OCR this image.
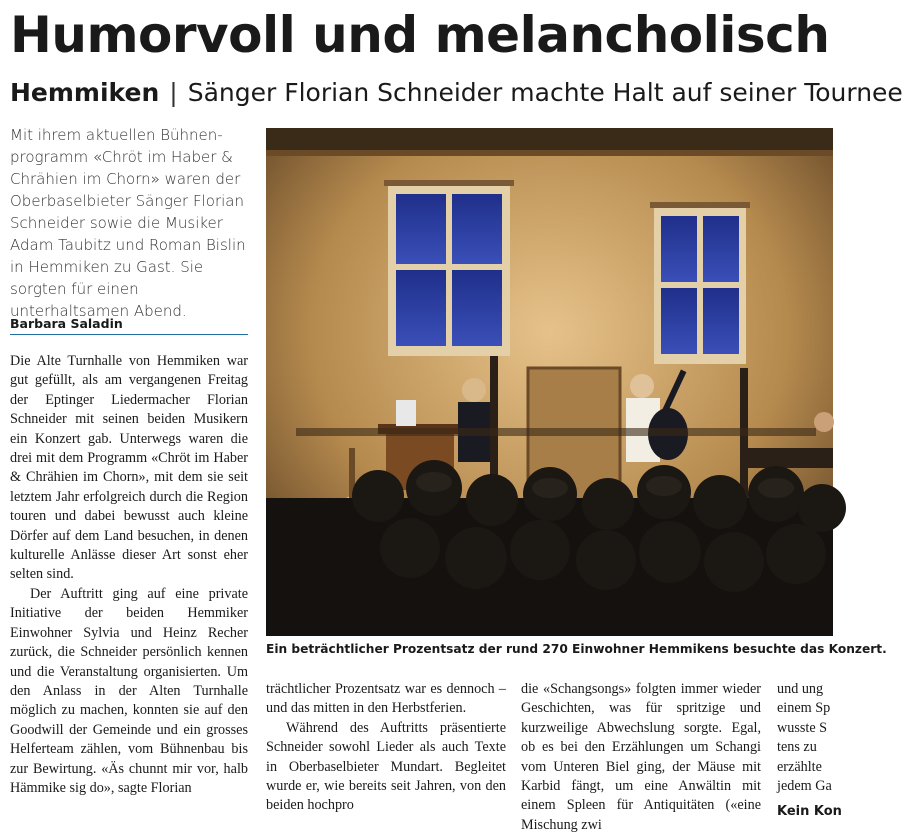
Humorvoll und melancholisch
Hemmiken | Sänger Florian Schneider machte Halt auf seiner Tournee
Mit ihrem aktuellen Bühnenprogramm «Chröt im Haber & Chrähien im Chorn» waren der Oberbaselbieter Sänger Florian Schneider sowie die Musiker Adam Taubitz und Roman Bislin in Hemmiken zu Gast. Sie sorgten für einen unterhaltsamen Abend.
Barbara Saladin

Die Alte Turnhalle von Hemmiken war gut gefüllt, als am vergangenen Freitag der Eptinger Liedermacher Florian Schneider mit seinen beiden Musikern ein Konzert gab. Unterwegs waren die drei mit dem Programm «Chröt im Haber & Chrähien im Chorn», mit dem sie seit letztem Jahr erfolgreich durch die Region touren und dabei bewusst auch kleine Dörfer auf dem Land besuchen, in denen kulturelle Anlässe dieser Art sonst eher selten sind.

Der Auftritt ging auf eine private Initiative der beiden Hemmiker Einwohner Sylvia und Heinz Recher zurück, die Schneider persönlich kennen und die Veranstaltung organisierten. Um den Anlass in der Alten Turnhalle möglich zu machen, konnten sie auf den Goodwill der Gemeinde und ein grosses Helferteam zählen, vom Bühnenbau bis zur Bewirtung. «Äs chunnt mir vor, halb Hämmike sig do», sagte Florian

Ein beträchtlicher Prozentsatz der rund 270 Einwohner Hemmikens besuchte das Konzert.

trächtlicher Prozentsatz war es dennoch – und das mitten in den Herbstferien.

Während des Auftritts präsentierte Schneider sowohl Lieder als auch Texte in Oberbaselbieter Mundart. Begleitet wurde er, wie bereits seit Jahren, von den beiden hochpro

die «Schangsongs» folgten immer wieder Geschichten, was für spritzige und kurzweilige Abwechslung sorgte. Egal, ob es bei den Erzählungen um Schangi vom Unteren Biel ging, der Mäuse mit Karbid fängt, um eine Anwältin mit einem Spleen für Antiquitäten («eine Mischung zwi

und ung
einem Sp
wusste S
tens zu
erzählte
jedem Ga
Kein Kon
